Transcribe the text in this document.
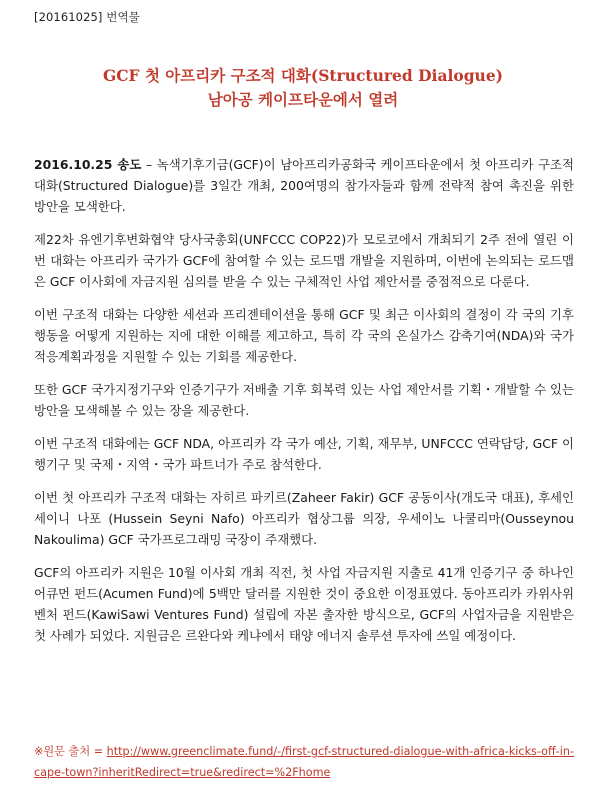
[20161025] 번역물
GCF 첫 아프리카 구조적 대화(Structured Dialogue)
남아공 케이프타운에서 열려

2016.10.25 송도 – 녹색기후기금(GCF)이 남아프리카공화국 케이프타운에서 첫 아프리카 구조적 대화(Structured Dialogue)를 3일간 개최, 200여명의 참가자들과 함께 전략적 참여 촉진을 위한 방안을 모색한다.

제22차 유엔기후변화협약 당사국총회(UNFCCC COP22)가 모로코에서 개최되기 2주 전에 열린 이번 대화는 아프리카 국가가 GCF에 참여할 수 있는 로드맵 개발을 지원하며, 이번에 논의되는 로드맵은 GCF 이사회에 자금지원 심의를 받을 수 있는 구체적인 사업 제안서를 중점적으로 다룬다.

이번 구조적 대화는 다양한 세션과 프리젠테이션을 통해 GCF 및 최근 이사회의 결정이 각 국의 기후 행동을 어떻게 지원하는 지에 대한 이해를 제고하고, 특히 각 국의 온실가스 감축기여(NDA)와 국가 적응계획과정을 지원할 수 있는 기회를 제공한다.

또한 GCF 국가지정기구와 인증기구가 저배출 기후 회복력 있는 사업 제안서를 기획・개발할 수 있는 방안을 모색해볼 수 있는 장을 제공한다.

이번 구조적 대화에는 GCF NDA, 아프리카 각 국가 예산, 기획, 재무부, UNFCCC 연락담당, GCF 이행기구 및 국제・지역・국가 파트너가 주로 참석한다.

이번 첫 아프리카 구조적 대화는 자히르 파키르(Zaheer Fakir) GCF 공동이사(개도국 대표), 후세인 세이니 나포 (Hussein Seyni Nafo) 아프리카 협상그룹 의장, 우세이노 나쿨리마(Ousseynou Nakoulima) GCF 국가프로그래밍 국장이 주재했다.

GCF의 아프리카 지원은 10월 이사회 개최 직전, 첫 사업 자금지원 지출로 41개 인증기구 중 하나인 어큐먼 펀드(Acumen Fund)에 5백만 달러를 지원한 것이 중요한 이정표였다. 동아프리카 카위사위 벤처 펀드(KawiSawi Ventures Fund) 설립에 자본 출자한 방식으로, GCF의 사업자금을 지원받은 첫 사례가 되었다. 지원금은 르완다와 케냐에서 태양 에너지 솔루션 투자에 쓰일 예정이다.

※원문 출처 = http://www.greenclimate.fund/-/first-gcf-structured-dialogue-with-africa-kicks-off-in-cape-town?inheritRedirect=true&redirect=%2Fhome
